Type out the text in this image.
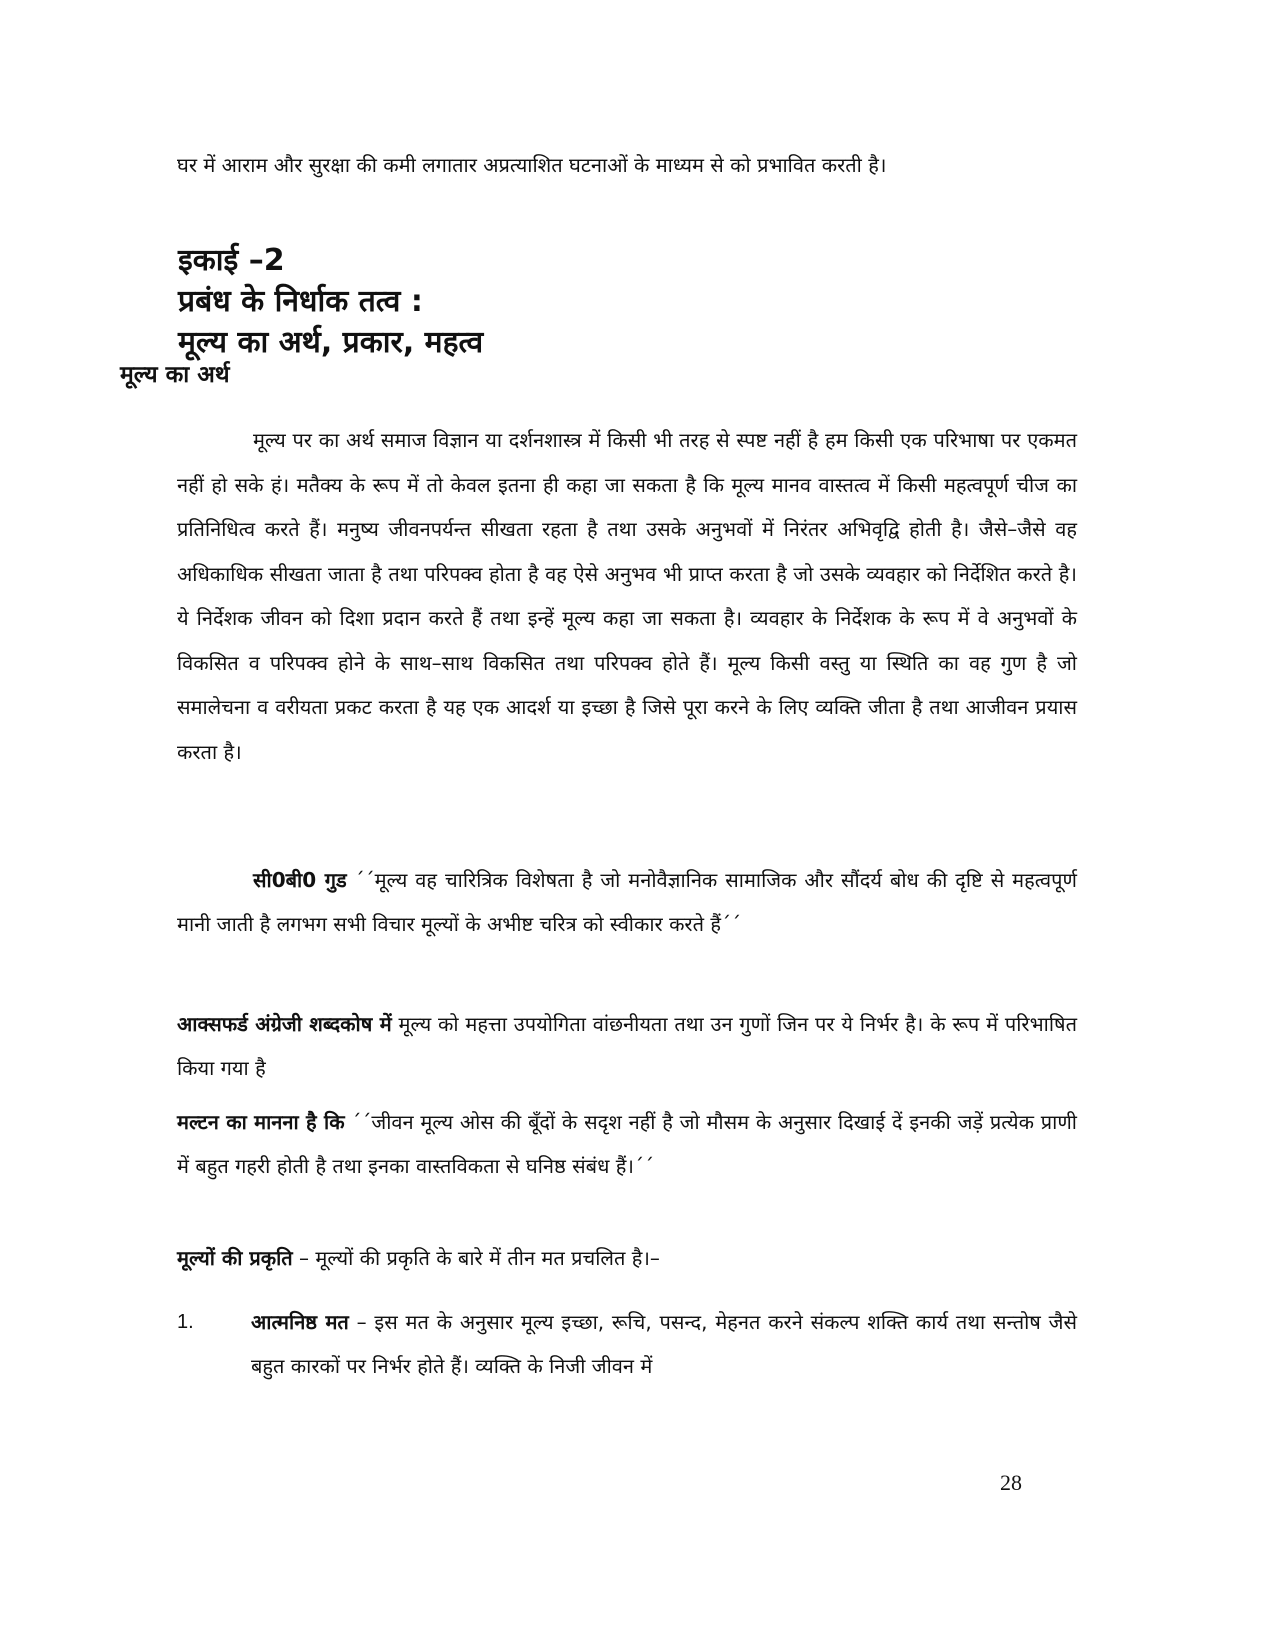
घर में आराम और सुरक्षा की कमी लगातार अप्रत्याशित घटनाओं के माध्यम से को प्रभावित करती है।

इकाई –2
प्रबंध के निर्धाक तत्व :
मूल्य का अर्थ, प्रकार, महत्व
मूल्य का अर्थ

मूल्य पर का अर्थ समाज विज्ञान या दर्शनशास्त्र में किसी भी तरह से स्पष्ट नहीं है हम किसी एक परिभाषा पर एकमत नहीं हो सके हं। मतैक्य के रूप में तो केवल इतना ही कहा जा सकता है कि मूल्य मानव वास्तत्व में किसी महत्वपूर्ण चीज का प्रतिनिधित्व करते हैं। मनुष्य जीवनपर्यन्त सीखता रहता है तथा उसके अनुभवों में निरंतर अभिवृद्वि होती है। जैसे–जैसे वह अधिकाधिक सीखता जाता है तथा परिपक्व होता है वह ऐसे अनुभव भी प्राप्त करता है जो उसके व्यवहार को निर्देशित करते है। ये निर्देशक जीवन को दिशा प्रदान करते हैं तथा इन्हें मूल्य कहा जा सकता है। व्यवहार के निर्देशक के रूप में वे अनुभवों के विकसित व परिपक्व होने के साथ–साथ विकसित तथा परिपक्व होते हैं। मूल्य किसी वस्तु या स्थिति का वह गुण है जो समालेचना व वरीयता प्रकट करता है यह एक आदर्श या इच्छा है जिसे पूरा करने के लिए व्यक्ति जीता है तथा आजीवन प्रयास करता है।

सी0बी0 गुड ´´मूल्य वह चारित्रिक विशेषता है जो मनोवैज्ञानिक सामाजिक और सौंदर्य बोध की दृष्टि से महत्वपूर्ण मानी जाती है लगभग सभी विचार मूल्यों के अभीष्ट चरित्र को स्वीकार करते हैं´´

आक्सफर्ड अंग्रेजी शब्दकोष में मूल्य को महत्ता उपयोगिता वांछनीयता तथा उन गुणों जिन पर ये निर्भर है। के रूप में परिभाषित किया गया है

मल्टन का मानना है कि ´´जीवन मूल्य ओस की बूँदों के सदृश नहीं है जो मौसम के अनुसार दिखाई दें इनकी जड़ें प्रत्येक प्राणी में बहुत गहरी होती है तथा इनका वास्तविकता से घनिष्ठ संबंध हैं।´´

मूल्यों की प्रकृति – मूल्यों की प्रकृति के बारे में तीन मत प्रचलित है।–

1.	आत्मनिष्ठ मत – इस मत के अनुसार मूल्य इच्छा, रूचि, पसन्द, मेहनत करने संकल्प शक्ति कार्य तथा सन्तोष जैसे बहुत कारकों पर निर्भर होते हैं। व्यक्ति के निजी जीवन में
28
